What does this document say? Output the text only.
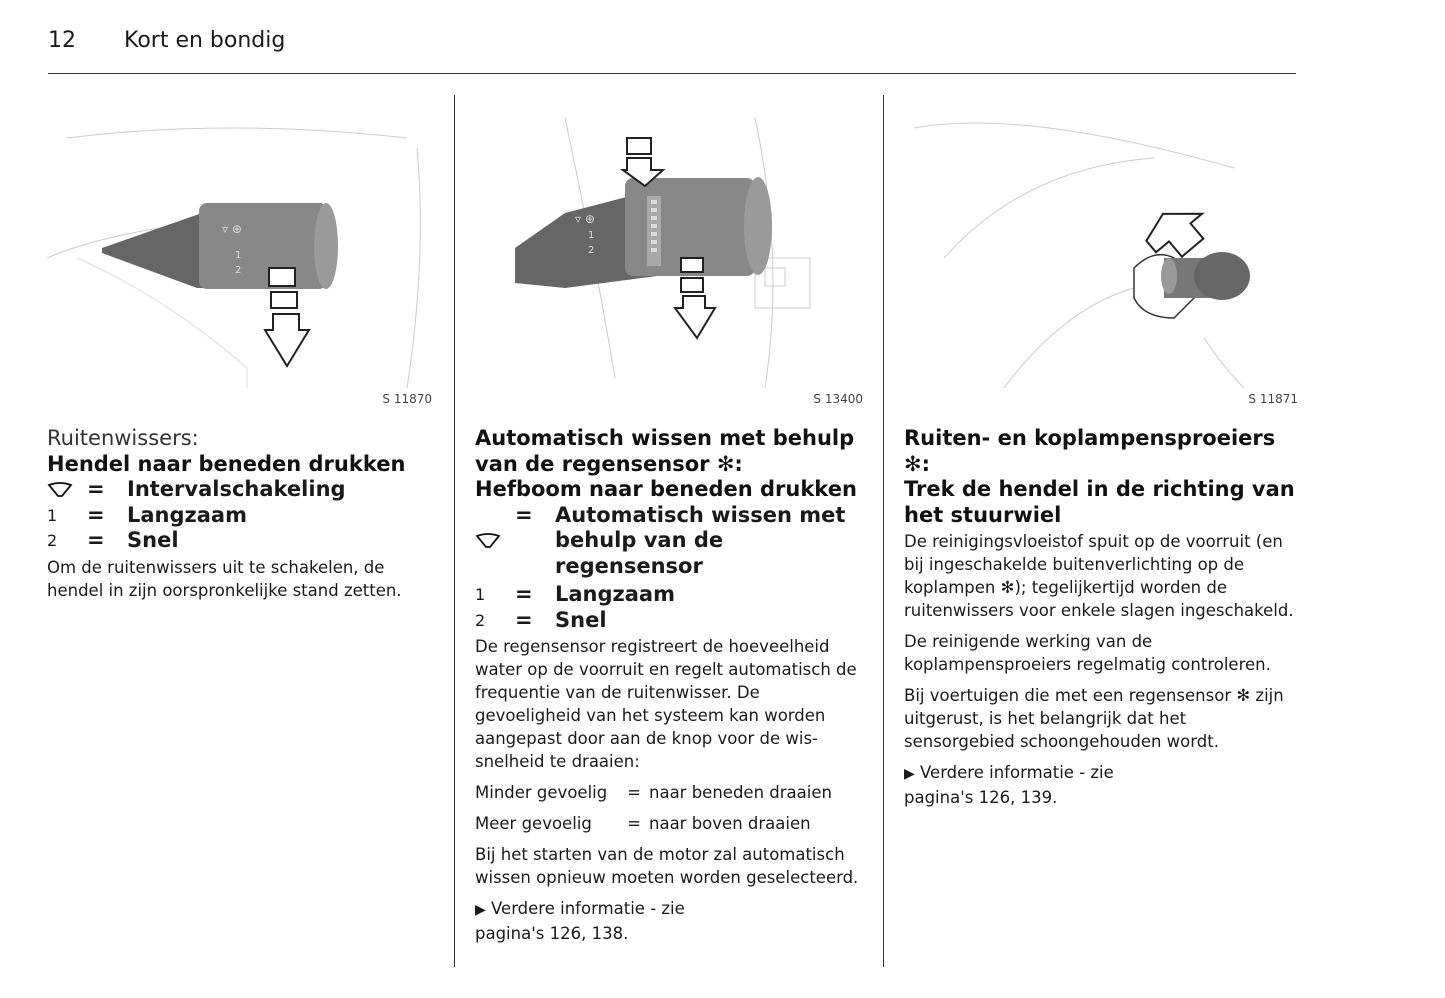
12 Kort en bondig
▿ ⊕
1
2
S 11870
Ruitenwissers:
Hendel naar beneden drukken
=	Intervalschakeling
1	=	Langzaam
2	=	Snel

Om de ruitenwissers uit te schakelen, de hendel in zijn oorspronkelijke stand zetten.

▿ ⊕
1
2
S 13400
Automatisch wissen met behulp
van de regensensor ✻:
Hefboom naar beneden drukken
=	Automatisch wissen met behulp van de regensensor
1	=	Langzaam
2	=	Snel

De regensensor registreert de hoeveelheid water op de voorruit en regelt automatisch de frequentie van de ruitenwisser. De gevoeligheid van het systeem kan worden aangepast door aan de knop voor de wis-snelheid te draaien:

Minder gevoelig	= naar beneden draaien
Meer gevoelig	= naar boven draaien

Bij het starten van de motor zal automatisch wissen opnieuw moeten worden geselecteerd.

▶ Verdere informatie - zie
pagina's 126, 138.

S 11871
Ruiten- en koplampensproeiers ✻:
Trek de hendel in de richting van
het stuurwiel

De reinigingsvloeistof spuit op de voorruit (en bij ingeschakelde buitenverlichting op de koplampen ✻); tegelijkertijd worden de ruitenwissers voor enkele slagen ingeschakeld.

De reinigende werking van de koplampensproeiers regelmatig controleren.

Bij voertuigen die met een regensensor ✻ zijn uitgerust, is het belangrijk dat het sensorgebied schoongehouden wordt.

▶ Verdere informatie - zie
pagina's 126, 139.
